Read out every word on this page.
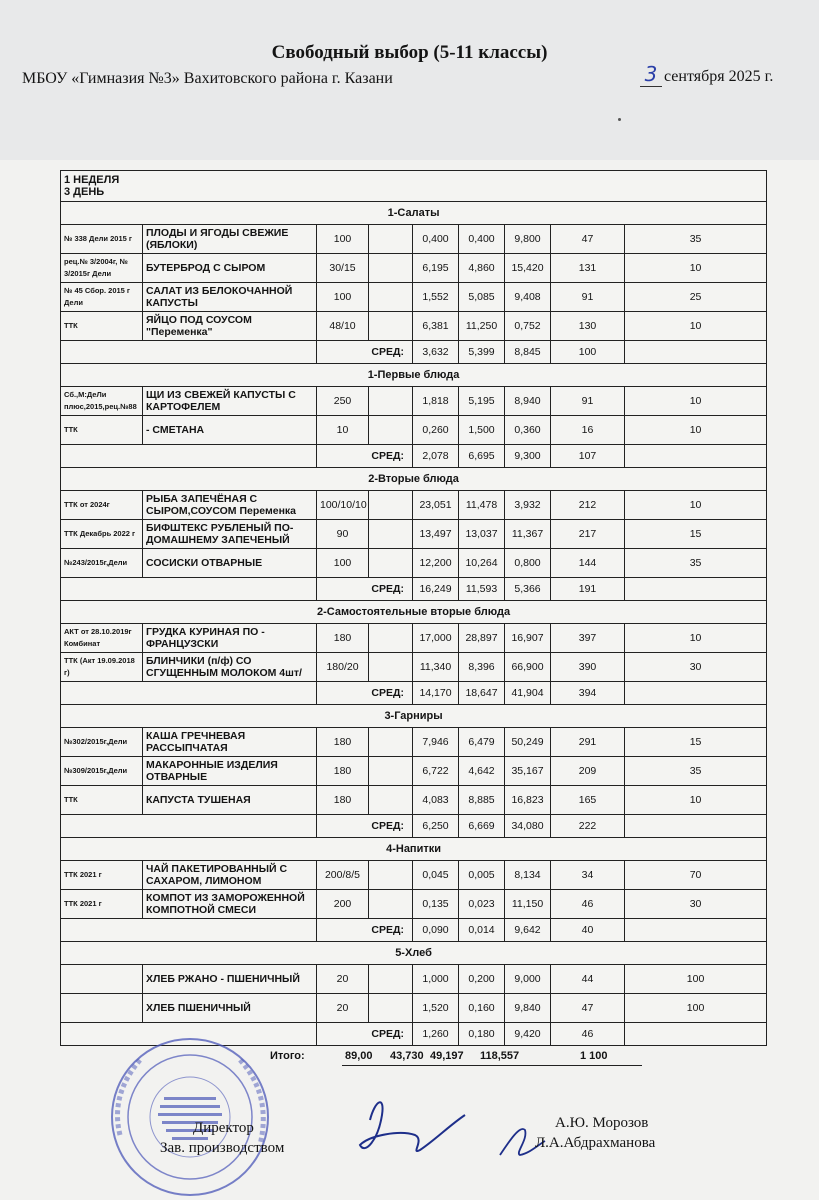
Свободный выбор (5-11 классы)
МБОУ «Гимназия №3» Вахитовского района г. Казани	3 сентября 2025 г.
1 НЕДЕЛЯ
3 ДЕНЬ								

1-Салаты								
№ 338 Дели 2015 г	ПЛОДЫ И ЯГОДЫ СВЕЖИЕ (ЯБЛОКИ)	100		0,400	0,400	9,800	47	35
рец.№ 3/2004г, № 3/2015г Дели	БУТЕРБРОД С СЫРОМ	30/15		6,195	4,860	15,420	131	10
№ 45 Сбор. 2015 г Дели	САЛАТ ИЗ БЕЛОКОЧАННОЙ КАПУСТЫ	100		1,552	5,085	9,408	91	25
ТТК	ЯЙЦО ПОД СОУСОМ "Переменка"	48/10		6,381	11,250	0,752	130	10
		СРЕД:		3,632	5,399	8,845	100	
1-Первые блюда								
Сб.,М:ДеЛи плюс,2015,рец.№88	ЩИ ИЗ СВЕЖЕЙ КАПУСТЫ С КАРТОФЕЛЕМ	250		1,818	5,195	8,940	91	10
ТТК	- СМЕТАНА	10		0,260	1,500	0,360	16	10
		СРЕД:		2,078	6,695	9,300	107	
2-Вторые блюда								
ТТК от 2024г	РЫБА ЗАПЕЧЁНАЯ С СЫРОМ,СОУСОМ Переменка	100/10/10		23,051	11,478	3,932	212	10
ТТК Декабрь 2022 г	БИФШТЕКС РУБЛЕНЫЙ ПО-ДОМАШНЕМУ ЗАПЕЧЕНЫЙ	90		13,497	13,037	11,367	217	15
№243/2015г,Дели	СОСИСКИ ОТВАРНЫЕ	100		12,200	10,264	0,800	144	35
		СРЕД:		16,249	11,593	5,366	191	
2-Самостоятельные вторые блюда								
АКТ от 28.10.2019г Комбинат	ГРУДКА КУРИНАЯ ПО - ФРАНЦУЗСКИ	180		17,000	28,897	16,907	397	10
ТТК (Акт 19.09.2018 г)	БЛИНЧИКИ (п/ф) СО СГУЩЕННЫМ МОЛОКОМ 4шт/	180/20		11,340	8,396	66,900	390	30
		СРЕД:		14,170	18,647	41,904	394	
3-Гарниры								
№302/2015г,Дели	КАША ГРЕЧНЕВАЯ РАССЫПЧАТАЯ	180		7,946	6,479	50,249	291	15
№309/2015г,Дели	МАКАРОННЫЕ ИЗДЕЛИЯ ОТВАРНЫЕ	180		6,722	4,642	35,167	209	35
ТТК	КАПУСТА ТУШЕНАЯ	180		4,083	8,885	16,823	165	10
		СРЕД:		6,250	6,669	34,080	222	
4-Напитки								
ТТК 2021 г	ЧАЙ ПАКЕТИРОВАННЫЙ С САХАРОМ, ЛИМОНОМ	200/8/5		0,045	0,005	8,134	34	70
ТТК 2021 г	КОМПОТ ИЗ ЗАМОРОЖЕННОЙ КОМПОТНОЙ СМЕСИ	200		0,135	0,023	11,150	46	30
		СРЕД:		0,090	0,014	9,642	40	
5-Хлеб								
	ХЛЕБ РЖАНО - ПШЕНИЧНЫЙ	20		1,000	0,200	9,000	44	100
	ХЛЕБ ПШЕНИЧНЫЙ	20		1,520	0,160	9,840	47	100
		СРЕД:		1,260	0,180	9,420	46	
Итого:	89,00 43,730 49,197 118,557	1 100
Директор
Зав. производством
А.Ю. Морозов
Л.А.Абдрахманова
